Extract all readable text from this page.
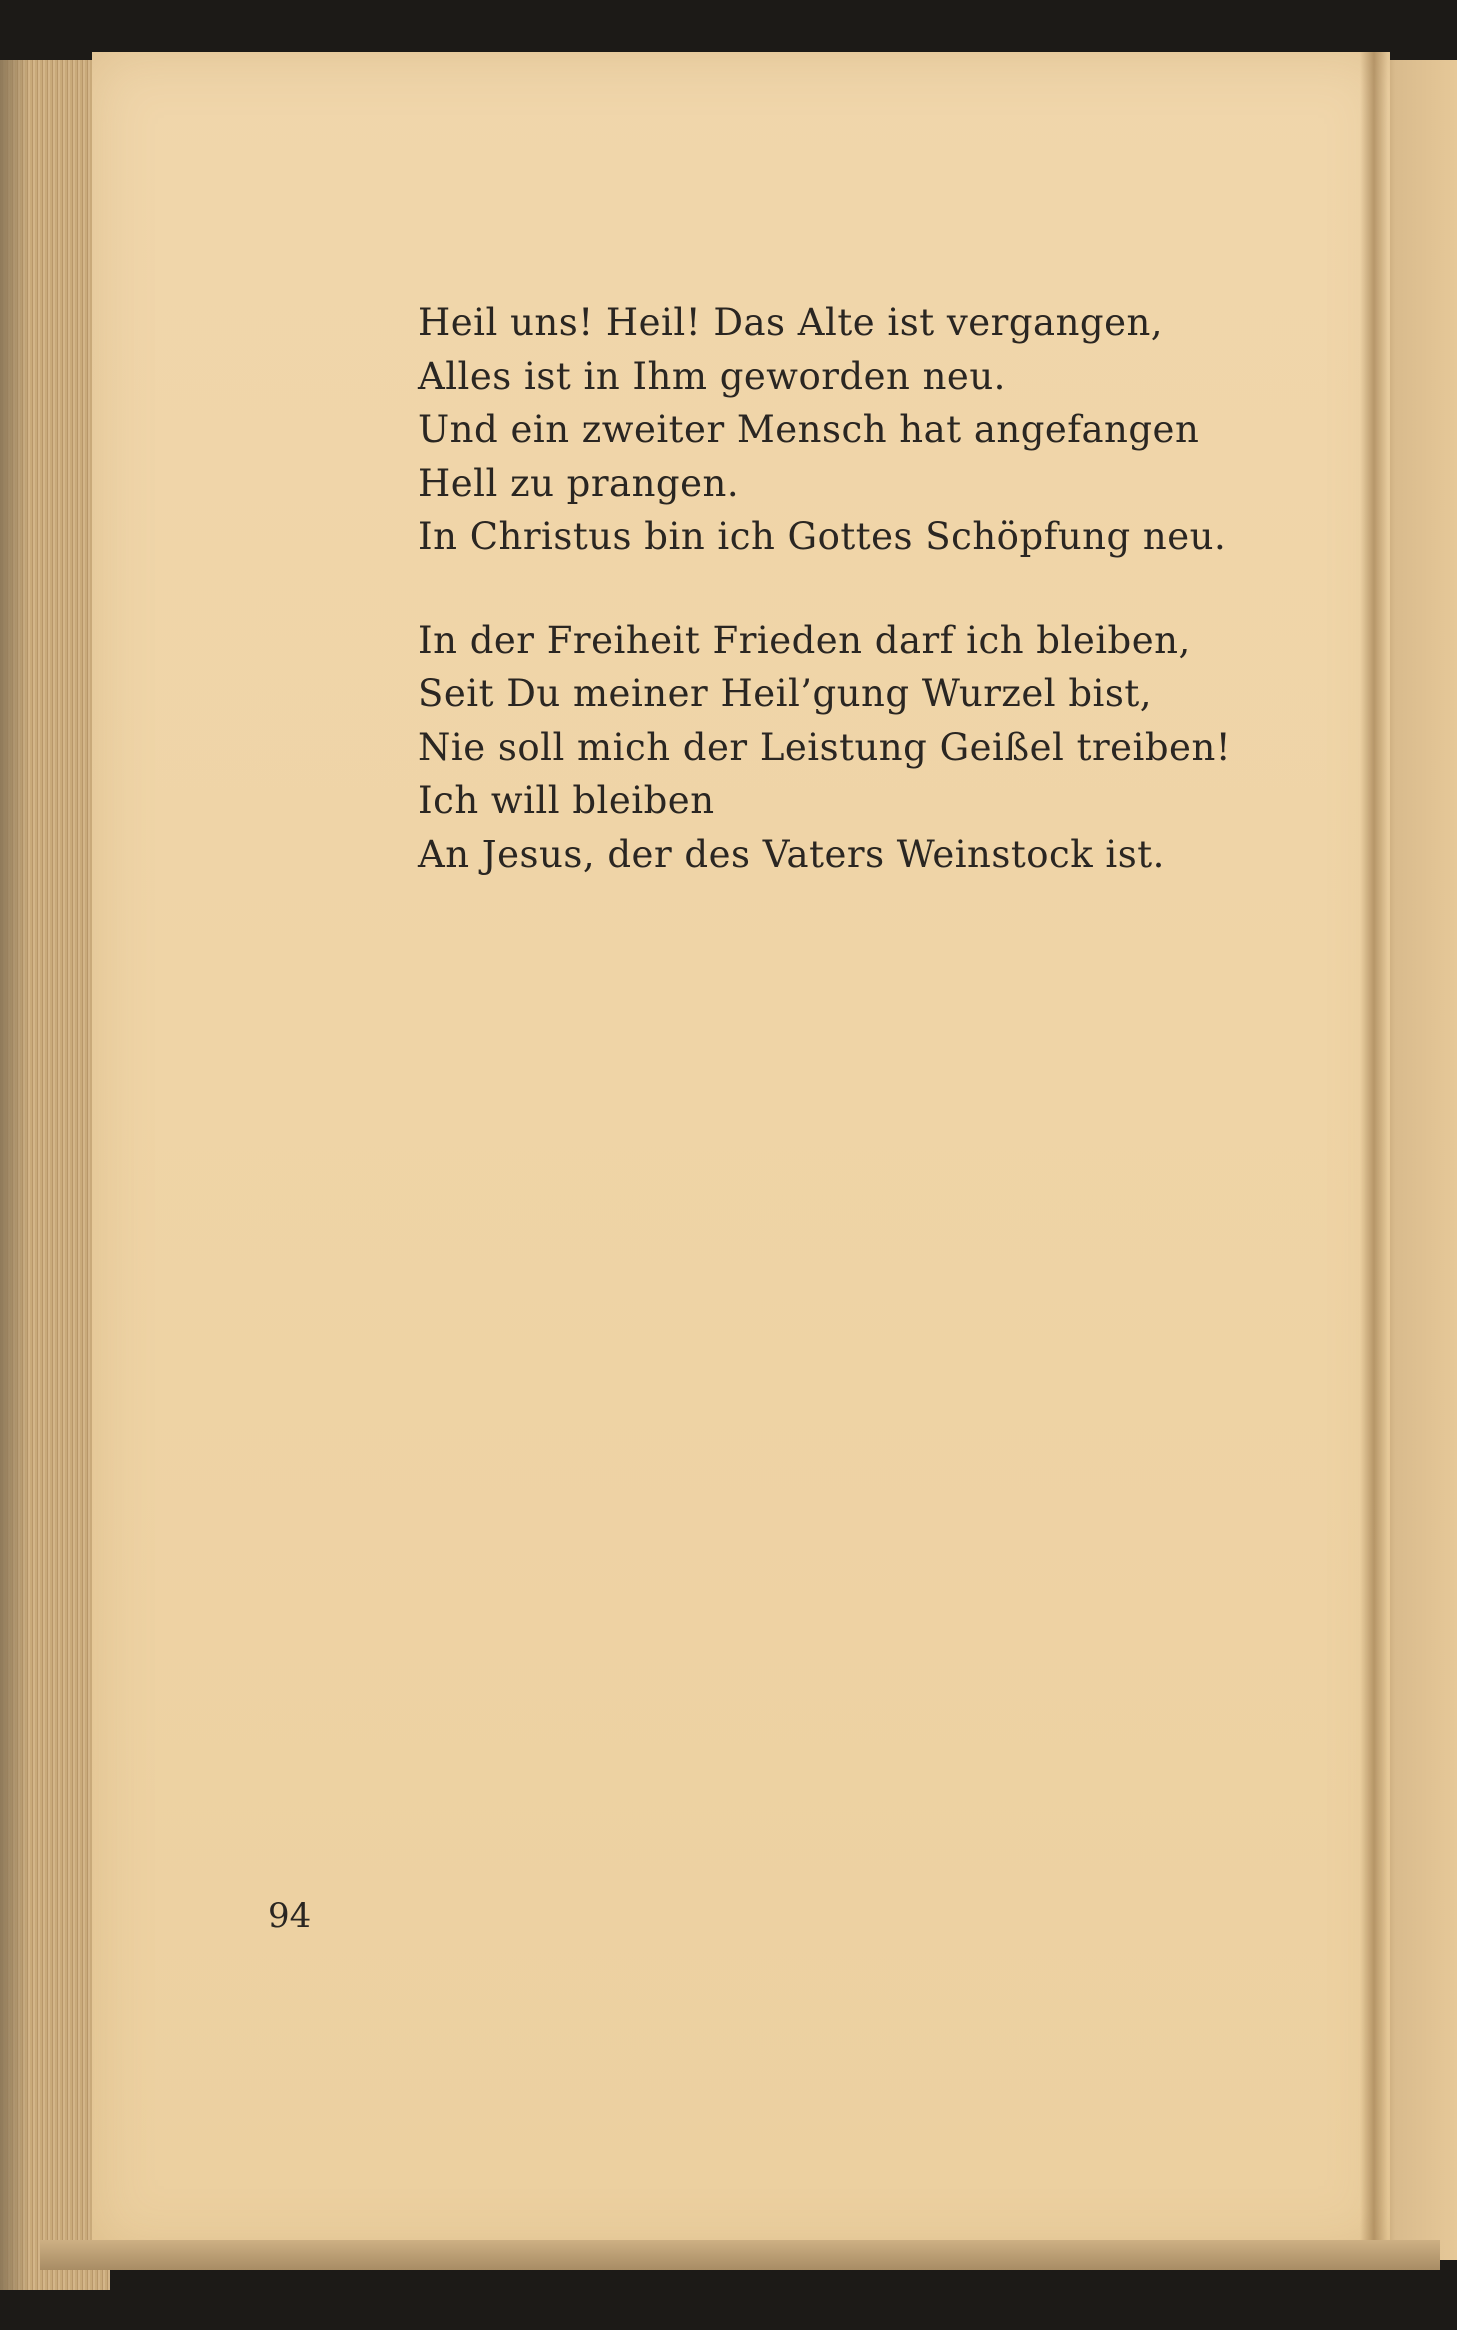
Heil uns! Heil! Das Alte ist vergangen,
Alles ist in Ihm geworden neu.
Und ein zweiter Mensch hat angefangen
Hell zu prangen.
In Christus bin ich Gottes Schöpfung neu.
In der Freiheit Frieden darf ich bleiben,
Seit Du meiner Heil’gung Wurzel bist,
Nie soll mich der Leistung Geißel treiben!
Ich will bleiben
An Jesus, der des Vaters Weinstock ist.
94
